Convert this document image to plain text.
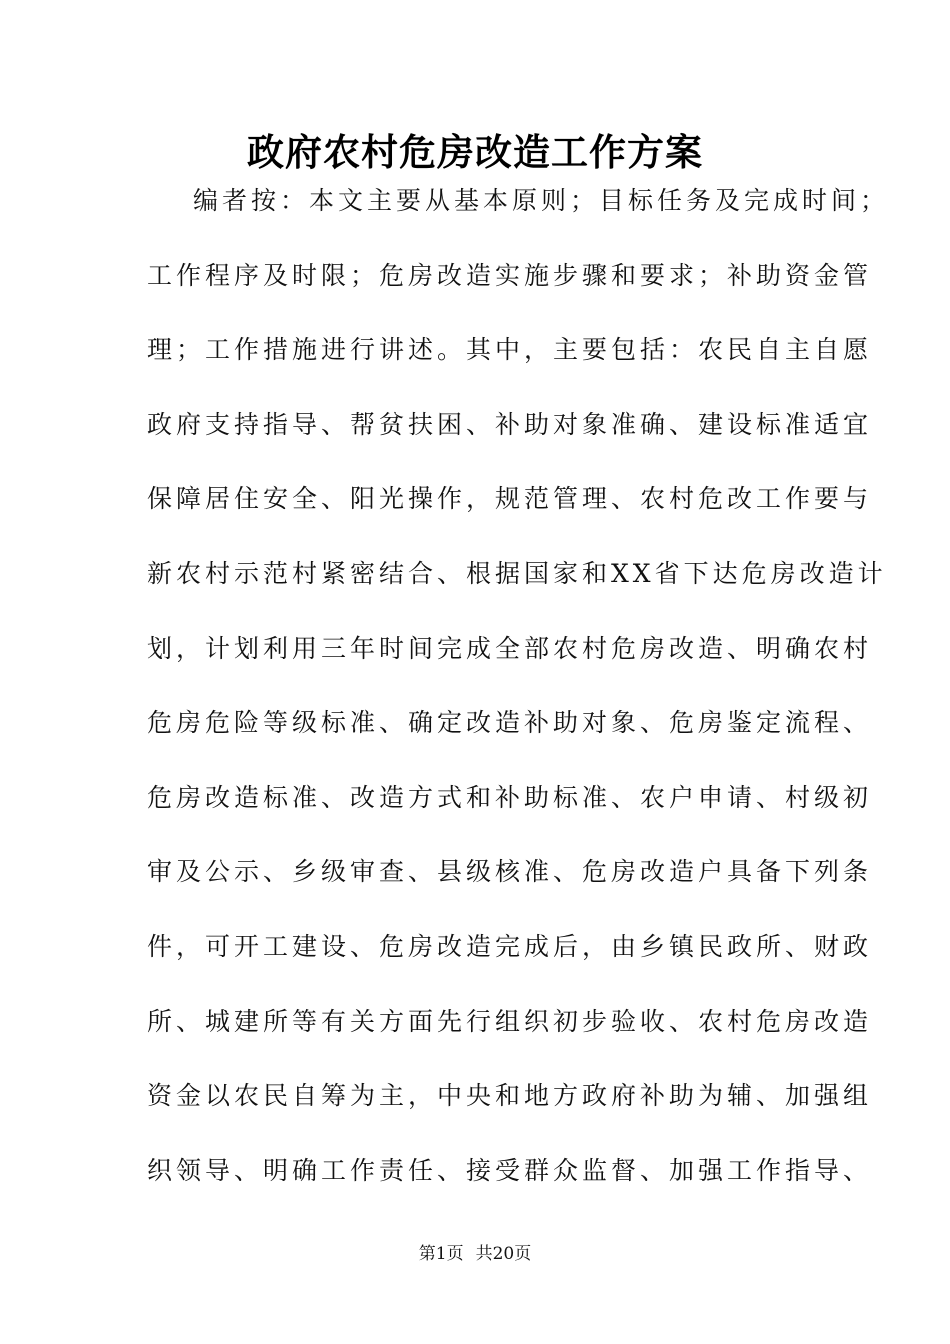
政府农村危房改造工作方案
编者按：本文主要从基本原则；目标任务及完成时间；
工作程序及时限；危房改造实施步骤和要求；补助资金管
理；工作措施进行讲述。其中，主要包括：农民自主自愿
政府支持指导、帮贫扶困、补助对象准确、建设标准适宜
保障居住安全、阳光操作，规范管理、农村危改工作要与
新农村示范村紧密结合、根据国家和XX省下达危房改造计
划，计划利用三年时间完成全部农村危房改造、明确农村
危房危险等级标准、确定改造补助对象、危房鉴定流程、
危房改造标准、改造方式和补助标准、农户申请、村级初
审及公示、乡级审查、县级核准、危房改造户具备下列条
件，可开工建设、危房改造完成后，由乡镇民政所、财政
所、城建所等有关方面先行组织初步验收、农村危房改造
资金以农民自筹为主，中央和地方政府补助为辅、加强组
织领导、明确工作责任、接受群众监督、加强工作指导、
第1页 共20页
